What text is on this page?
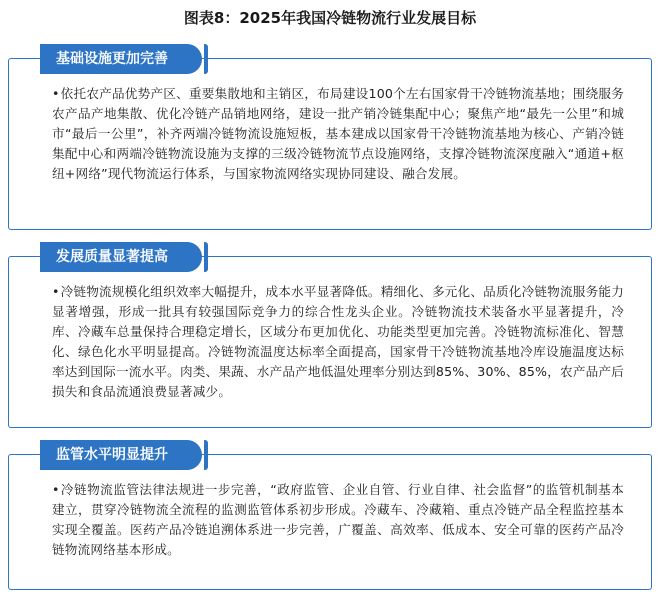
图表8：2025年我国冷链物流行业发展目标
基础设施更加完善
•依托农产品优势产区、重要集散地和主销区，布局建设100个左右国家骨干冷链物流基地；围绕服务农产品产地集散、优化冷链产品销地网络，建设一批产销冷链集配中心；聚焦产地“最先一公里”和城市“最后一公里”，补齐两端冷链物流设施短板，基本建成以国家骨干冷链物流基地为核心、产销冷链集配中心和两端冷链物流设施为支撑的三级冷链物流节点设施网络，支撑冷链物流深度融入“通道+枢纽+网络”现代物流运行体系，与国家物流网络实现协同建设、融合发展。
发展质量显著提高
•冷链物流规模化组织效率大幅提升，成本水平显著降低。精细化、多元化、品质化冷链物流服务能力显著增强，形成一批具有较强国际竞争力的综合性龙头企业。冷链物流技术装备水平显著提升，冷库、冷藏车总量保持合理稳定增长，区域分布更加优化、功能类型更加完善。冷链物流标准化、智慧化、绿色化水平明显提高。冷链物流温度达标率全面提高，国家骨干冷链物流基地冷库设施温度达标率达到国际一流水平。肉类、果蔬、水产品产地低温处理率分别达到85%、30%、85%，农产品产后损失和食品流通浪费显著减少。
监管水平明显提升
•冷链物流监管法律法规进一步完善，“政府监管、企业自管、行业自律、社会监督”的监管机制基本建立，贯穿冷链物流全流程的监测监管体系初步形成。冷藏车、冷藏箱、重点冷链产品全程监控基本实现全覆盖。医药产品冷链追溯体系进一步完善，广覆盖、高效率、低成本、安全可靠的医药产品冷链物流网络基本形成。
